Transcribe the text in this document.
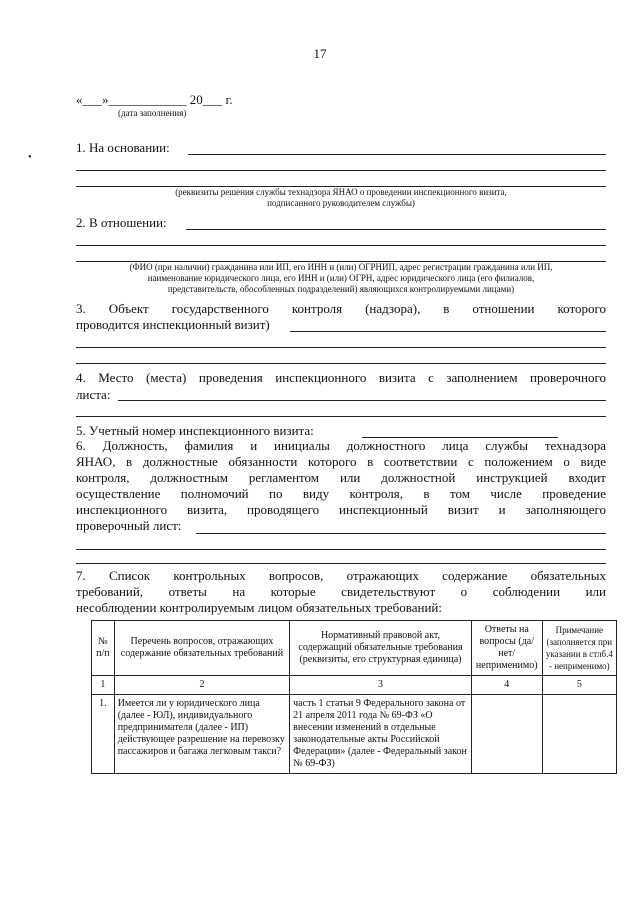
17
«___»____________ 20___ г.
(дата заполнения)
•
1. На основании:
(реквизиты решения службы технадзора ЯНАО о проведении инспекционного визита,
подписанного руководителем службы)
2. В отношении:
(ФИО (при наличии) гражданина или ИП, его ИНН и (или) ОГРНИП, адрес регистрации гражданина или ИП,
наименование юридического лица, его ИНН и (или) ОГРН, адрес юридического лица (его филиалов,
представительств, обособленных подразделений) являющихся контролируемыми лицами)
3. Объект государственного контроля (надзора), в отношении которого
проводится инспекционный визит)
4. Место (места) проведения инспекционного визита с заполнением проверочного
листа:
5. Учетный номер инспекционного визита:
6. Должность, фамилия и инициалы должностного лица службы технадзора
ЯНАО, в должностные обязанности которого в соответствии с положением о виде
контроля, должностным регламентом или должностной инструкцией входит
осуществление полномочий по виду контроля, в том числе проведение
инспекционного визита, проводящего инспекционный визит и заполняющего
проверочный лист:
7. Список контрольных вопросов, отражающих содержание обязательных
требований, ответы на которые свидетельствуют о соблюдении или
несоблюдении контролируемым лицом обязательных требований:
№ п/п	Перечень вопросов, отражающих содержание обязательных требований	Нормативный правовой акт, содержащий обязательные требования (реквизиты, его структурная единица)	Ответы на вопросы (да/нет/ неприменимо)	Примечание (заполняется при указании в стлб.4 - неприменимо)
1	2	3	4	5
1.	Имеется ли у юридического лица (далее - ЮЛ), индивидуального предпринимателя (далее - ИП) действующее разрешение на перевозку пассажиров и багажа легковым такси?	часть 1 статьи 9 Федерального закона от 21 апреля 2011 года № 69-ФЗ «О внесении изменений в отдельные законодательные акты Российской Федерации» (далее - Федеральный закон № 69-ФЗ)		
